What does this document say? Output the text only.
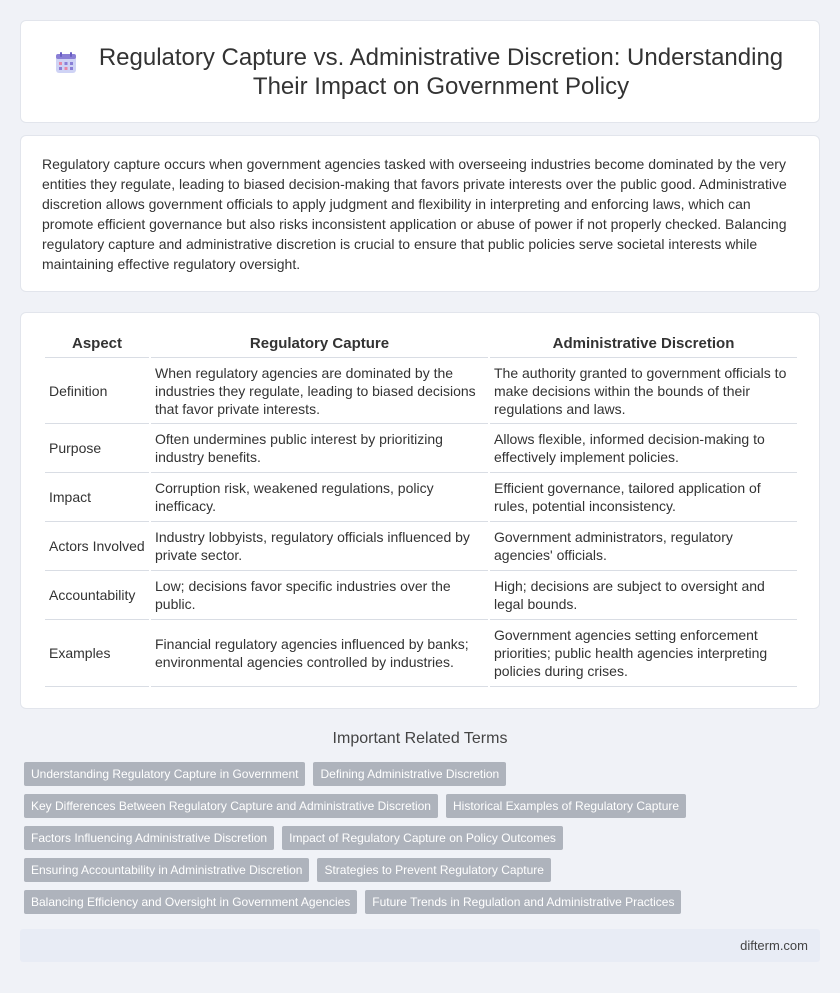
Regulatory Capture vs. Administrative Discretion: Understanding Their Impact on Government Policy

Regulatory capture occurs when government agencies tasked with overseeing industries become dominated by the very entities they regulate, leading to biased decision-making that favors private interests over the public good. Administrative discretion allows government officials to apply judgment and flexibility in interpreting and enforcing laws, which can promote efficient governance but also risks inconsistent application or abuse of power if not properly checked. Balancing regulatory capture and administrative discretion is crucial to ensure that public policies serve societal interests while maintaining effective regulatory oversight.

Aspect	Regulatory Capture	Administrative Discretion
Definition	When regulatory agencies are dominated by the industries they regulate, leading to biased decisions that favor private interests.	The authority granted to government officials to make decisions within the bounds of their regulations and laws.
Purpose	Often undermines public interest by prioritizing industry benefits.	Allows flexible, informed decision-making to effectively implement policies.
Impact	Corruption risk, weakened regulations, policy inefficacy.	Efficient governance, tailored application of rules, potential inconsistency.
Actors Involved	Industry lobbyists, regulatory officials influenced by private sector.	Government administrators, regulatory agencies' officials.
Accountability	Low; decisions favor specific industries over the public.	High; decisions are subject to oversight and legal bounds.
Examples	Financial regulatory agencies influenced by banks; environmental agencies controlled by industries.	Government agencies setting enforcement priorities; public health agencies interpreting policies during crises.
Important Related Terms
Understanding Regulatory Capture in Government	Defining Administrative Discretion
Key Differences Between Regulatory Capture and Administrative Discretion	Historical Examples of Regulatory Capture
Factors Influencing Administrative Discretion	Impact of Regulatory Capture on Policy Outcomes
Ensuring Accountability in Administrative Discretion	Strategies to Prevent Regulatory Capture
Balancing Efficiency and Oversight in Government Agencies	Future Trends in Regulation and Administrative Practices
difterm.com
